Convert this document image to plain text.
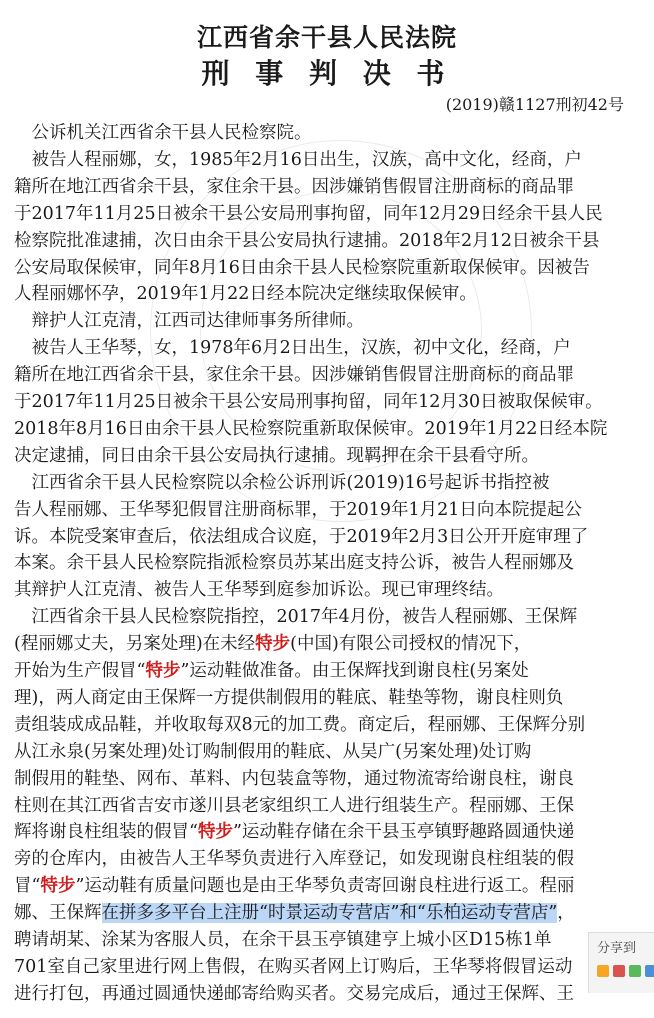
江西省余干县人民法院
刑 事 判 决 书
(2019)赣1127刑初42号
　公诉机关江西省余干县人民检察院。
　被告人程丽娜，女，1985年2月16日出生，汉族，高中文化，经商，户
籍所在地江西省余干县，家住余干县。因涉嫌销售假冒注册商标的商品罪
于2017年11月25日被余干县公安局刑事拘留，同年12月29日经余干县人民
检察院批准逮捕，次日由余干县公安局执行逮捕。2018年2月12日被余干县
公安局取保候审，同年8月16日由余干县人民检察院重新取保候审。因被告
人程丽娜怀孕，2019年1月22日经本院决定继续取保候审。
　辩护人江克清，江西司达律师事务所律师。
　被告人王华琴，女，1978年6月2日出生，汉族，初中文化，经商，户
籍所在地江西省余干县，家住余干县。因涉嫌销售假冒注册商标的商品罪
于2017年11月25日被余干县公安局刑事拘留，同年12月30日被取保候审。
2018年8月16日由余干县人民检察院重新取保候审。2019年1月22日经本院
决定逮捕，同日由余干县公安局执行逮捕。现羁押在余干县看守所。
　江西省余干县人民检察院以余检公诉刑诉(2019)16号起诉书指控被
告人程丽娜、王华琴犯假冒注册商标罪，于2019年1月21日向本院提起公
诉。本院受案审查后，依法组成合议庭，于2019年2月3日公开开庭审理了
本案。余干县人民检察院指派检察员苏某出庭支持公诉，被告人程丽娜及
其辩护人江克清、被告人王华琴到庭参加诉讼。现已审理终结。
　江西省余干县人民检察院指控，2017年4月份，被告人程丽娜、王保辉
(程丽娜丈夫，另案处理)在未经特步(中国)有限公司授权的情况下，
开始为生产假冒“特步”运动鞋做准备。由王保辉找到谢良柱(另案处
理)，两人商定由王保辉一方提供制假用的鞋底、鞋垫等物，谢良柱则负
责组装成成品鞋，并收取每双8元的加工费。商定后，程丽娜、王保辉分别
从江永泉(另案处理)处订购制假用的鞋底、从吴广(另案处理)处订购
制假用的鞋垫、网布、革料、内包装盒等物，通过物流寄给谢良柱，谢良
柱则在其江西省吉安市遂川县老家组织工人进行组装生产。程丽娜、王保
辉将谢良柱组装的假冒“特步”运动鞋存储在余干县玉亭镇野趣路圆通快递
旁的仓库内，由被告人王华琴负责进行入库登记，如发现谢良柱组装的假
冒“特步”运动鞋有质量问题也是由王华琴负责寄回谢良柱进行返工。程丽
娜、王保辉在拼多多平台上注册“时景运动专营店”和“乐柏运动专营店”，
聘请胡某、涂某为客服人员，在余干县玉亭镇建亨上城小区D15栋1单
701室自己家里进行网上售假，在购买者网上订购后，王华琴将假冒运动
进行打包，再通过圆通快递邮寄给购买者。交易完成后，通过王保辉、王
分享到
